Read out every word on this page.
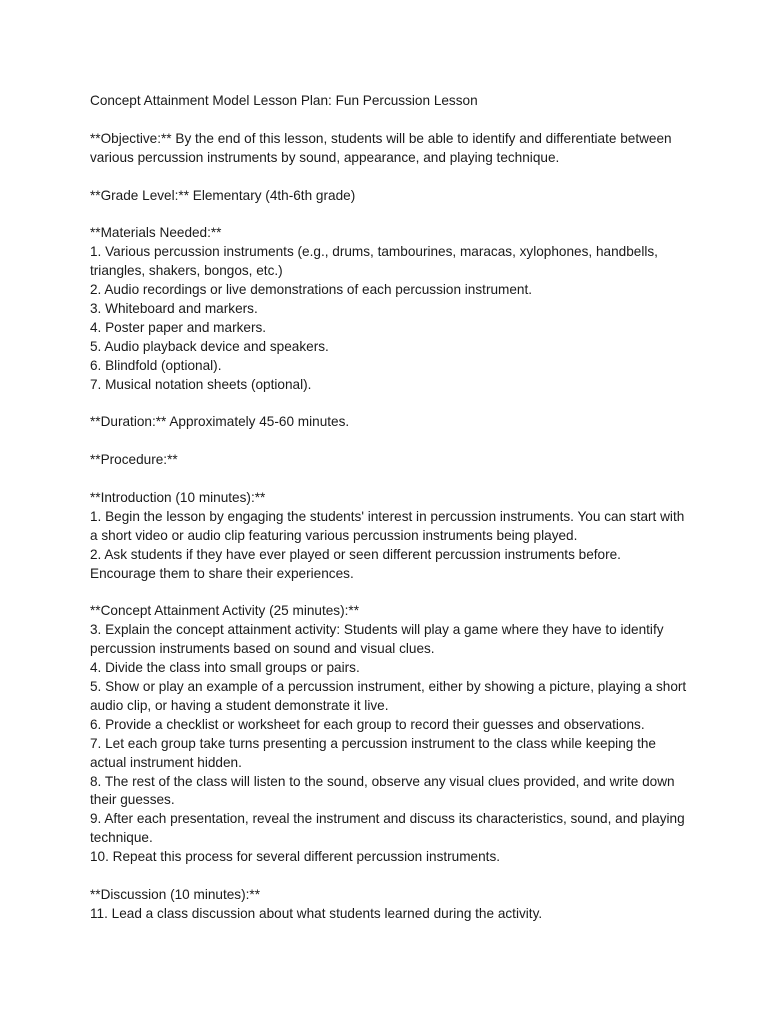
Concept Attainment Model Lesson Plan: Fun Percussion Lesson

**Objective:** By the end of this lesson, students will be able to identify and differentiate between various percussion instruments by sound, appearance, and playing technique.

**Grade Level:** Elementary (4th-6th grade)

**Materials Needed:**

1. Various percussion instruments (e.g., drums, tambourines, maracas, xylophones, handbells, triangles, shakers, bongos, etc.)

2. Audio recordings or live demonstrations of each percussion instrument.

3. Whiteboard and markers.

4. Poster paper and markers.

5. Audio playback device and speakers.

6. Blindfold (optional).

7. Musical notation sheets (optional).

**Duration:** Approximately 45-60 minutes.

**Procedure:**

**Introduction (10 minutes):**

1. Begin the lesson by engaging the students' interest in percussion instruments. You can start with a short video or audio clip featuring various percussion instruments being played.

2. Ask students if they have ever played or seen different percussion instruments before. Encourage them to share their experiences.

**Concept Attainment Activity (25 minutes):**

3. Explain the concept attainment activity: Students will play a game where they have to identify percussion instruments based on sound and visual clues.

4. Divide the class into small groups or pairs.

5. Show or play an example of a percussion instrument, either by showing a picture, playing a short audio clip, or having a student demonstrate it live.

6. Provide a checklist or worksheet for each group to record their guesses and observations.

7. Let each group take turns presenting a percussion instrument to the class while keeping the actual instrument hidden.

8. The rest of the class will listen to the sound, observe any visual clues provided, and write down their guesses.

9. After each presentation, reveal the instrument and discuss its characteristics, sound, and playing technique.

10. Repeat this process for several different percussion instruments.

**Discussion (10 minutes):**

11. Lead a class discussion about what students learned during the activity.
